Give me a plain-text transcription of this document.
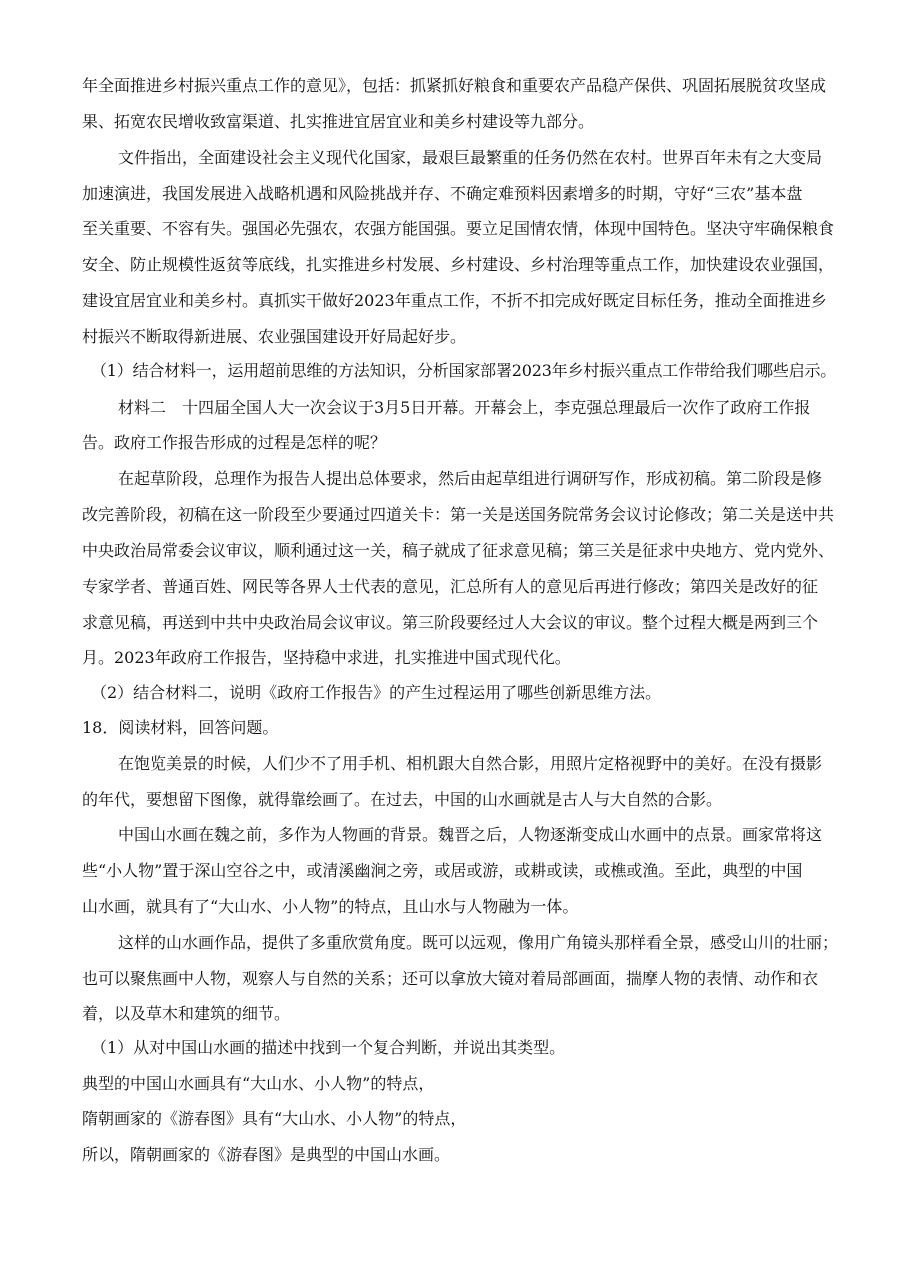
年全面推进乡村振兴重点工作的意见》，包括：抓紧抓好粮食和重要农产品稳产保供、巩固拓展脱贫攻坚成
果、拓宽农民增收致富渠道、扎实推进宜居宜业和美乡村建设等九部分。
文件指出，全面建设社会主义现代化国家，最艰巨最繁重的任务仍然在农村。世界百年未有之大变局
加速演进，我国发展进入战略机遇和风险挑战并存、不确定难预料因素增多的时期，守好“三农”基本盘
至关重要、不容有失。强国必先强农，农强方能国强。要立足国情农情，体现中国特色。坚决守牢确保粮食
安全、防止规模性返贫等底线，扎实推进乡村发展、乡村建设、乡村治理等重点工作，加快建设农业强国，
建设宜居宜业和美乡村。真抓实干做好2023年重点工作，不折不扣完成好既定目标任务，推动全面推进乡
村振兴不断取得新进展、农业强国建设开好局起好步。
（1）结合材料一，运用超前思维的方法知识，分析国家部署2023年乡村振兴重点工作带给我们哪些启示。
材料二　十四届全国人大一次会议于3月5日开幕。开幕会上，李克强总理最后一次作了政府工作报
告。政府工作报告形成的过程是怎样的呢？
在起草阶段，总理作为报告人提出总体要求，然后由起草组进行调研写作，形成初稿。第二阶段是修
改完善阶段，初稿在这一阶段至少要通过四道关卡：第一关是送国务院常务会议讨论修改；第二关是送中共
中央政治局常委会议审议，顺利通过这一关，稿子就成了征求意见稿；第三关是征求中央地方、党内党外、
专家学者、普通百姓、网民等各界人士代表的意见，汇总所有人的意见后再进行修改；第四关是改好的征
求意见稿，再送到中共中央政治局会议审议。第三阶段要经过人大会议的审议。整个过程大概是两到三个
月。2023年政府工作报告，坚持稳中求进，扎实推进中国式现代化。
（2）结合材料二，说明《政府工作报告》的产生过程运用了哪些创新思维方法。
18．阅读材料，回答问题。
在饱览美景的时候，人们少不了用手机、相机跟大自然合影，用照片定格视野中的美好。在没有摄影
的年代，要想留下图像，就得靠绘画了。在过去，中国的山水画就是古人与大自然的合影。
中国山水画在魏之前，多作为人物画的背景。魏晋之后，人物逐渐变成山水画中的点景。画家常将这
些“小人物”置于深山空谷之中，或清溪幽涧之旁，或居或游，或耕或读，或樵或渔。至此，典型的中国
山水画，就具有了“大山水、小人物”的特点，且山水与人物融为一体。
这样的山水画作品，提供了多重欣赏角度。既可以远观，像用广角镜头那样看全景，感受山川的壮丽；
也可以聚焦画中人物，观察人与自然的关系；还可以拿放大镜对着局部画面，揣摩人物的表情、动作和衣
着，以及草木和建筑的细节。
（1）从对中国山水画的描述中找到一个复合判断，并说出其类型。
典型的中国山水画具有“大山水、小人物”的特点，
隋朝画家的《游春图》具有“大山水、小人物”的特点，
所以，隋朝画家的《游春图》是典型的中国山水画。
